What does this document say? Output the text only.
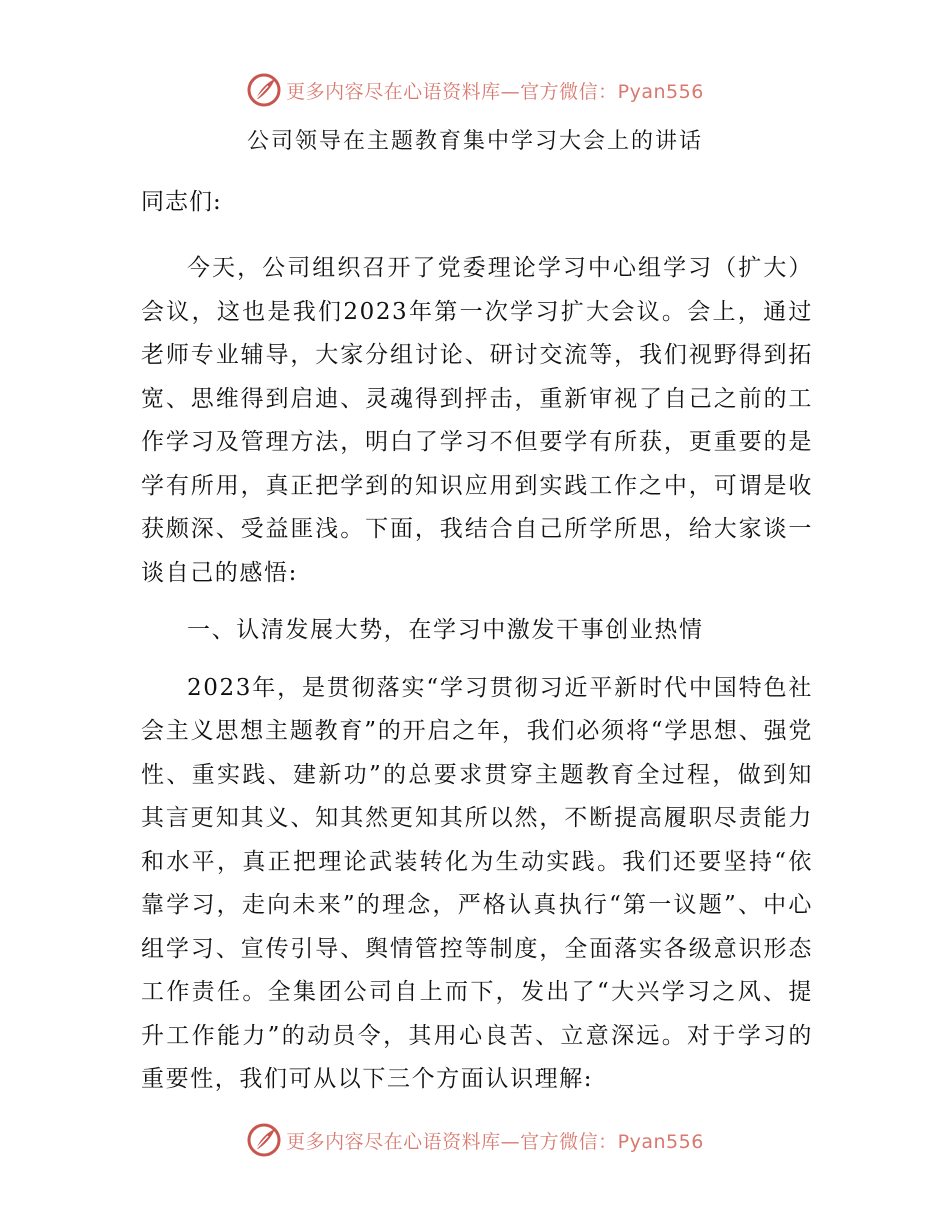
更多内容尽在心语资料库—官方微信：Pyan556
公司领导在主题教育集中学习大会上的讲话

同志们:

今天，公司组织召开了党委理论学习中心组学习（扩大）会议，这也是我们2023年第一次学习扩大会议。会上，通过老师专业辅导，大家分组讨论、研讨交流等，我们视野得到拓宽、思维得到启迪、灵魂得到抨击，重新审视了自己之前的工作学习及管理方法，明白了学习不但要学有所获，更重要的是学有所用，真正把学到的知识应用到实践工作之中，可谓是收获颇深、受益匪浅。下面，我结合自己所学所思，给大家谈一谈自己的感悟:

一、认清发展大势，在学习中激发干事创业热情

2023年，是贯彻落实“学习贯彻习近平新时代中国特色社会主义思想主题教育”的开启之年，我们必须将“学思想、强党性、重实践、建新功”的总要求贯穿主题教育全过程，做到知其言更知其义、知其然更知其所以然，不断提高履职尽责能力和水平，真正把理论武装转化为生动实践。我们还要坚持“依靠学习，走向未来”的理念，严格认真执行“第一议题”、中心组学习、宣传引导、舆情管控等制度，全面落实各级意识形态工作责任。全集团公司自上而下，发出了“大兴学习之风、提升工作能力”的动员令，其用心良苦、立意深远。对于学习的重要性，我们可从以下三个方面认识理解:

更多内容尽在心语资料库—官方微信：Pyan556
